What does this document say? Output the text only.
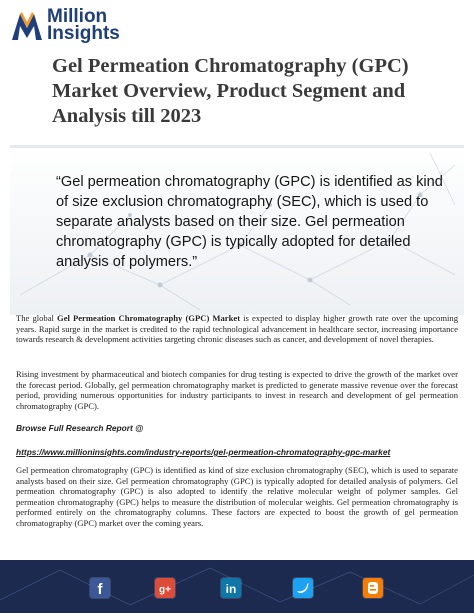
Million
Insights
Gel Permeation Chromatography (GPC) Market Overview, Product Segment and Analysis till 2023

“Gel permeation chromatography (GPC) is identified as kind of size exclusion chromatography (SEC), which is used to separate analysts based on their size. Gel permeation chromatography (GPC) is typically adopted for detailed analysis of polymers.”

The global Gel Permeation Chromatography (GPC) Market is expected to display higher growth rate over the upcoming years. Rapid surge in the market is credited to the rapid technological advancement in healthcare sector, increasing importance towards research & development activities targeting chronic diseases such as cancer, and development of novel therapies.

Rising investment by pharmaceutical and biotech companies for drug testing is expected to drive the growth of the market over the forecast period. Globally, gel permeation chromatography market is predicted to generate massive revenue over the forecast period, providing numerous opportunities for industry participants to invest in research and development of gel permeation chromatography (GPC).

Browse Full Research Report @

https://www.millioninsights.com/industry-reports/gel-permeation-chromatography-gpc-market

Gel permeation chromatography (GPC) is identified as kind of size exclusion chromatography (SEC), which is used to separate analysts based on their size. Gel permeation chromatography (GPC) is typically adopted for detailed analysis of polymers. Gel permeation chromatography (GPC) is also adopted to identify the relative molecular weight of polymer samples. Gel permeation chromatography (GPC) helps to measure the distribution of molecular weights. Gel permeation chromatography is performed entirely on the chromatography columns. These factors are expected to boost the growth of gel permeation chromatography (GPC) market over the coming years.

f	g+	in
